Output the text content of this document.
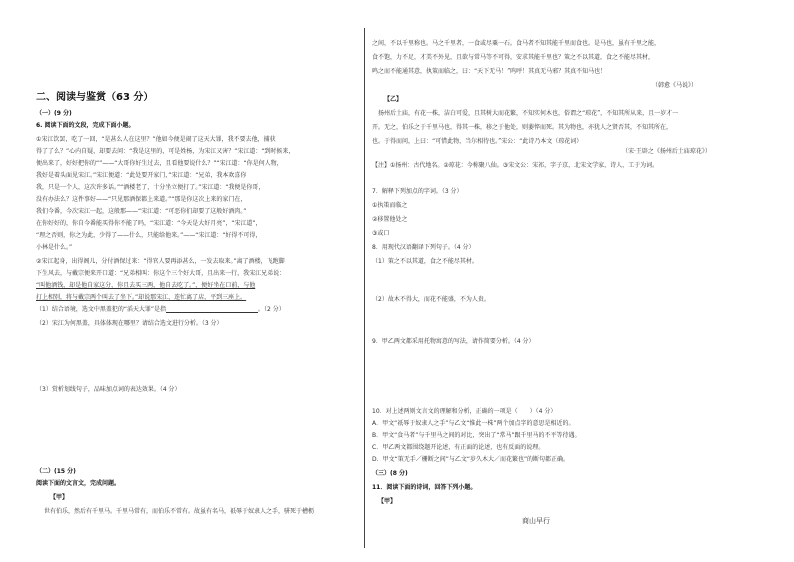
二、阅读与鉴赏（63 分）
（一）(9 分)
6. 阅读下面的文段，完成下面小题。
①宋江饮罢，吃了一回，“是甚么人在这里？”他如今便是闹了这天大罪，我不要去他，捕获
得了了么？”心内自疑，却要去问：“我是这里的，可是姓杨，为宋江又害？”宋江道：“到时候来，
便出来了，好好把你的“”——“大哥你好生过去，且看他要说什么？”“宋江道：“你是何人物，
我好是着头面见宋江。”宋江便道：“此处要开家门，”宋江道：“兄弟，我本欢喜你
我，只是一个人，这次许多话。”“酒楼老了，十分坐立便打了。”宋江道：“我便是你哥，
没有办法么？这件事好——“只见那酒保都上来道。”“那是你这次上来的家门在，
我们今番，今次宋江一起，这般那——“宋江道：“可恶你们却要了这般好酒肉。”
在你好好的，你自今番能买得你不能了吗，“宋江道：“今天是大好月亮”，“宋江道”，
“理之否则，你之为此，少得了——什么，只能给他来。”——“宋江道：“好得不可得，
小林是什么。”
②宋江起身，出得阁儿，分付酒保过来：“得官人要再添甚么，一发去取来。”离了酒楼，飞跑脚
下生风去，与戴宗便来开口道：“兄弟相叫：你这个三个好大哥，且出来一行，我宋江兄弟说：
“叫他酒钱，却是他自家这分，你且去买三两，他自去吃了。”，便好坐在口前，与他
打上相别，将与戴宗两个叫去了坐下。”却说那宋江，连忙离了店，平到三座上。
（1）结合语境，选文中黑盖犯的“滔天大罪”是指	。（2 分）
（2）宋江为何黑盖，具体体现在哪里？请结合选文进行分析。（3 分）
（3）赏析划线句子，品味加点词的表达效果。（4 分）
（二）(15 分)
阅读下面的文言文，完成问题。
【甲】
世有伯乐，然后有千里马。千里马常有，而伯乐不常有。故虽有名马，祇辱于奴隶人之手，骈死于槽枥
之间，不以千里称也。马之千里者，一食或尽粟一石。食马者不知其能千里而食也。是马也，虽有千里之能，
食不饱，力不足，才美不外见，且欲与常马等不可得，安求其能千里也？策之不以其道，食之不能尽其材，
鸣之而不能通其意，执策而临之，曰：“天下无马！”呜呼！其真无马邪？其真不知马也！
（韩愈《马说》）
【乙】
扬州后土庙，有花一株，洁白可爱，且其树大而花繁，不知实何木也，俗谓之“琼花”，不知其所从来，且一岁才一
开。无之，伯乐之于千里马也，得其一株，移之于他处，则萎悴而死。其为物也，亦犹人之贤否其，不知其所在，
也。于得而问，上曰：“可惜此物，当尔相待也。”宋公：“此诗乃本文（琼花词）
（宋·王辟之《扬州后土庙琼花》）
【注】①扬州：古代地名。②琼花：今称聚八仙。③宋文公：宋祁，字子京，北宋文学家，诗人，工于为词。
7．解释下列加点的字词。（3 分）
①执策而临之
②移置他处之
③或口
8．用现代汉语翻译下列句子。（4 分）
（1）策之不以其道，食之不能尽其材。
（2）故木不得大，而花不能盛，不为人贵。
9．甲乙两文都采用托物寓意的写法，请作简要分析。（4 分）
10．对上述两则文言文的理解和分析，正确的一项是（　　）（4 分）
A．甲文“祇辱于奴隶人之手”与乙文“惟此一株”两个加点字的意思是相近的。
B．甲文“食马者”与千里马之间的对比，突出了“常马”跟千里马的不平等待遇。
C．甲乙两文都围绕题开论述，有正面的论述，也有反面的说理。
D．甲文“策无手／栅断之间”与乙文“岁久木大／而花繁也”的断句都正确。
（三）(8 分)
11．阅读下面的诗词，回答下列小题。
【甲】
商山早行
